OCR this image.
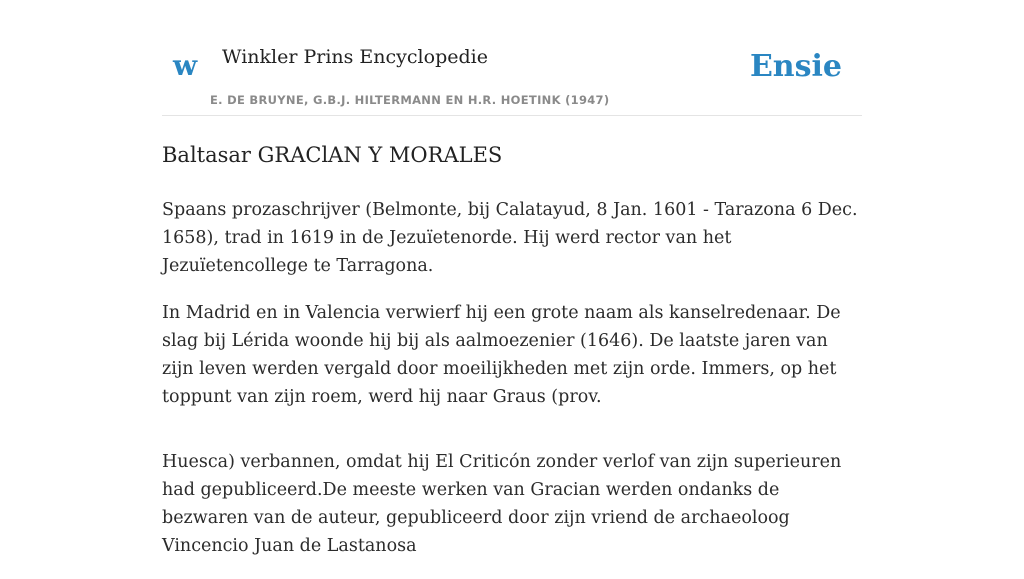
w Winkler Prins Encyclopedie
E. DE BRUYNE, G.B.J. HILTERMANN EN H.R. HOETINK (1947)
Ensie
Baltasar GRAClAN Y MORALES

Spaans prozaschrijver (Belmonte, bij Calatayud, 8 Jan. 1601 - Tarazona 6 Dec. 1658), trad in 1619 in de Jezuïetenorde. Hij werd rector van het Jezuïetencollege te Tarragona.

In Madrid en in Valencia verwierf hij een grote naam als kanselredenaar. De slag bij Lérida woonde hij bij als aalmoezenier (1646). De laatste jaren van zijn leven werden vergald door moeilijkheden met zijn orde. Immers, op het toppunt van zijn roem, werd hij naar Graus (prov.

Huesca) verbannen, omdat hij El Criticón zonder verlof van zijn superieuren had gepubliceerd.De meeste werken van Gracian werden ondanks de bezwaren van de auteur, gepubliceerd door zijn vriend de archaeoloog Vincencio Juan de Lastanosa
